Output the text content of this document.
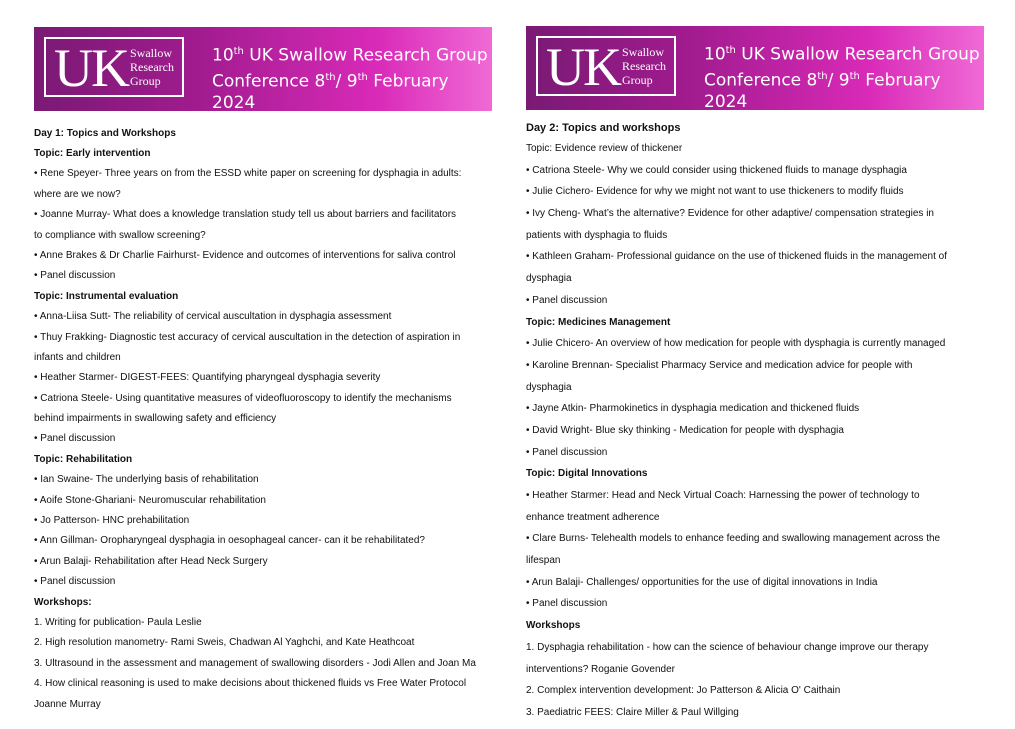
UK Swallow
Research
Group
10th UK Swallow Research Group
Conference 8th/ 9th February 2024
Day 1: Topics and Workshops
Topic: Early intervention
• Rene Speyer- Three years on from the ESSD white paper on screening for dysphagia in adults:
where are we now?
• Joanne Murray- What does a knowledge translation study tell us about barriers and facilitators
to compliance with swallow screening?
• Anne Brakes & Dr Charlie Fairhurst- Evidence and outcomes of interventions for saliva control
• Panel discussion
Topic: Instrumental evaluation
• Anna-Liisa Sutt- The reliability of cervical auscultation in dysphagia assessment
• Thuy Frakking- Diagnostic test accuracy of cervical auscultation in the detection of aspiration in
infants and children
• Heather Starmer- DIGEST-FEES: Quantifying pharyngeal dysphagia severity
• Catriona Steele- Using quantitative measures of videofluoroscopy to identify the mechanisms
behind impairments in swallowing safety and efficiency
• Panel discussion
Topic: Rehabilitation
• Ian Swaine- The underlying basis of rehabilitation
• Aoife Stone-Ghariani- Neuromuscular rehabilitation
• Jo Patterson- HNC prehabilitation
• Ann Gillman- Oropharyngeal dysphagia in oesophageal cancer- can it be rehabilitated?
• Arun Balaji- Rehabilitation after Head Neck Surgery
• Panel discussion
Workshops:
1. Writing for publication- Paula Leslie
2. High resolution manometry- Rami Sweis, Chadwan Al Yaghchi, and Kate Heathcoat
3. Ultrasound in the assessment and management of swallowing disorders - Jodi Allen and Joan Ma
4. How clinical reasoning is used to make decisions about thickened fluids vs Free Water Protocol
Joanne Murray
UK Swallow
Research
Group
10th UK Swallow Research Group
Conference 8th/ 9th February 2024
Day 2: Topics and workshops
Topic: Evidence review of thickener
• Catriona Steele- Why we could consider using thickened fluids to manage dysphagia
• Julie Cichero- Evidence for why we might not want to use thickeners to modify fluids
• Ivy Cheng- What’s the alternative? Evidence for other adaptive/ compensation strategies in
patients with dysphagia to fluids
• Kathleen Graham- Professional guidance on the use of thickened fluids in the management of
dysphagia
• Panel discussion
Topic: Medicines Management
• Julie Chicero- An overview of how medication for people with dysphagia is currently managed
• Karoline Brennan- Specialist Pharmacy Service and medication advice for people with
dysphagia
• Jayne Atkin- Pharmokinetics in dysphagia medication and thickened fluids
• David Wright- Blue sky thinking - Medication for people with dysphagia
• Panel discussion
Topic: Digital Innovations
• Heather Starmer: Head and Neck Virtual Coach: Harnessing the power of technology to
enhance treatment adherence
• Clare Burns- Telehealth models to enhance feeding and swallowing management across the
lifespan
• Arun Balaji- Challenges/ opportunities for the use of digital innovations in India
• Panel discussion
Workshops
1. Dysphagia rehabilitation - how can the science of behaviour change improve our therapy
interventions? Roganie Govender
2. Complex intervention development: Jo Patterson & Alicia O' Caithain
3. Paediatric FEES: Claire Miller & Paul Willging
